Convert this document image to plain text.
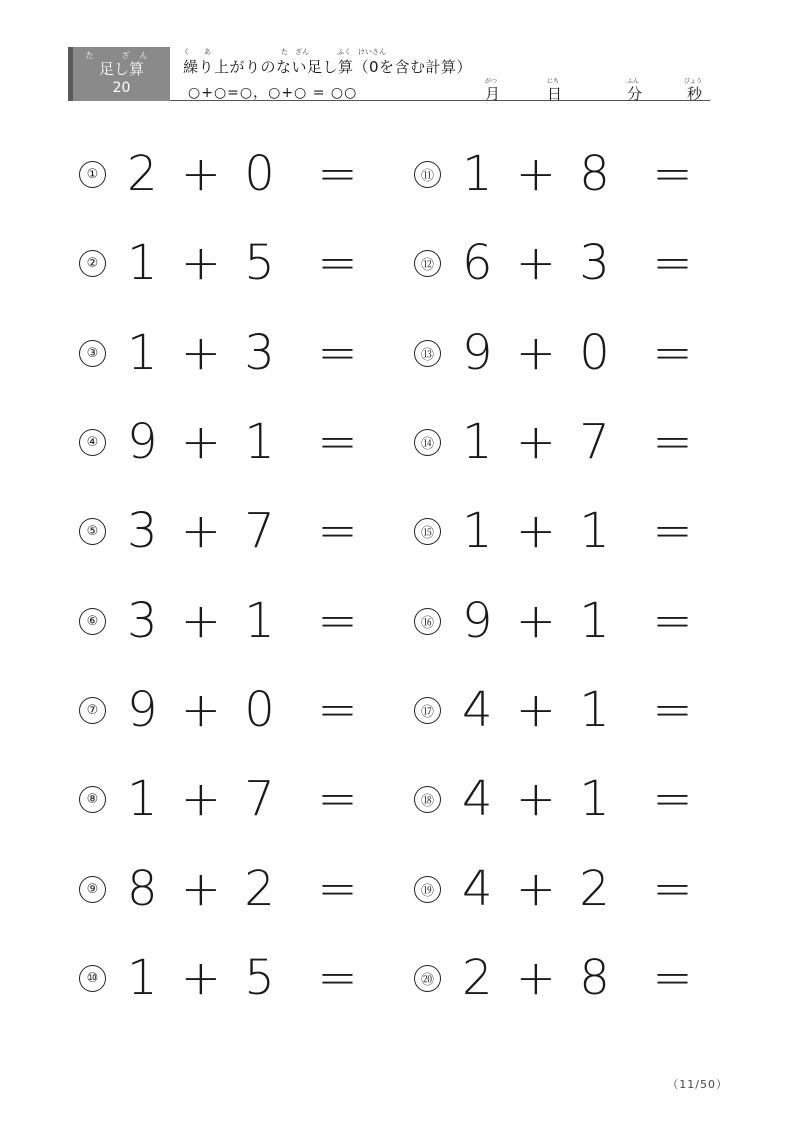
た　ざん
足し算
20
く　　あ　　　　　　　　　　た　ざん　　　　ふく　けいさん
繰り上がりのない足し算（0を含む計算）
○+○=○，○+○ = ○○
がつ
月
にち
日
ふん
分
びょう
秒
① 2 + 0  =
② 1 + 5  =
③ 1 + 3  =
④ 9 + 1  =
⑤ 3 + 7  =
⑥ 3 + 1  =
⑦ 9 + 0  =
⑧ 1 + 7  =
⑨ 8 + 2  =
⑩ 1 + 5  =
⑪ 1 + 8  =
⑫ 6 + 3  =
⑬ 9 + 0  =
⑭ 1 + 7  =
⑮ 1 + 1  =
⑯ 9 + 1  =
⑰ 4 + 1  =
⑱ 4 + 1  =
⑲ 4 + 2  =
⑳ 2 + 8  =
（11/50）
